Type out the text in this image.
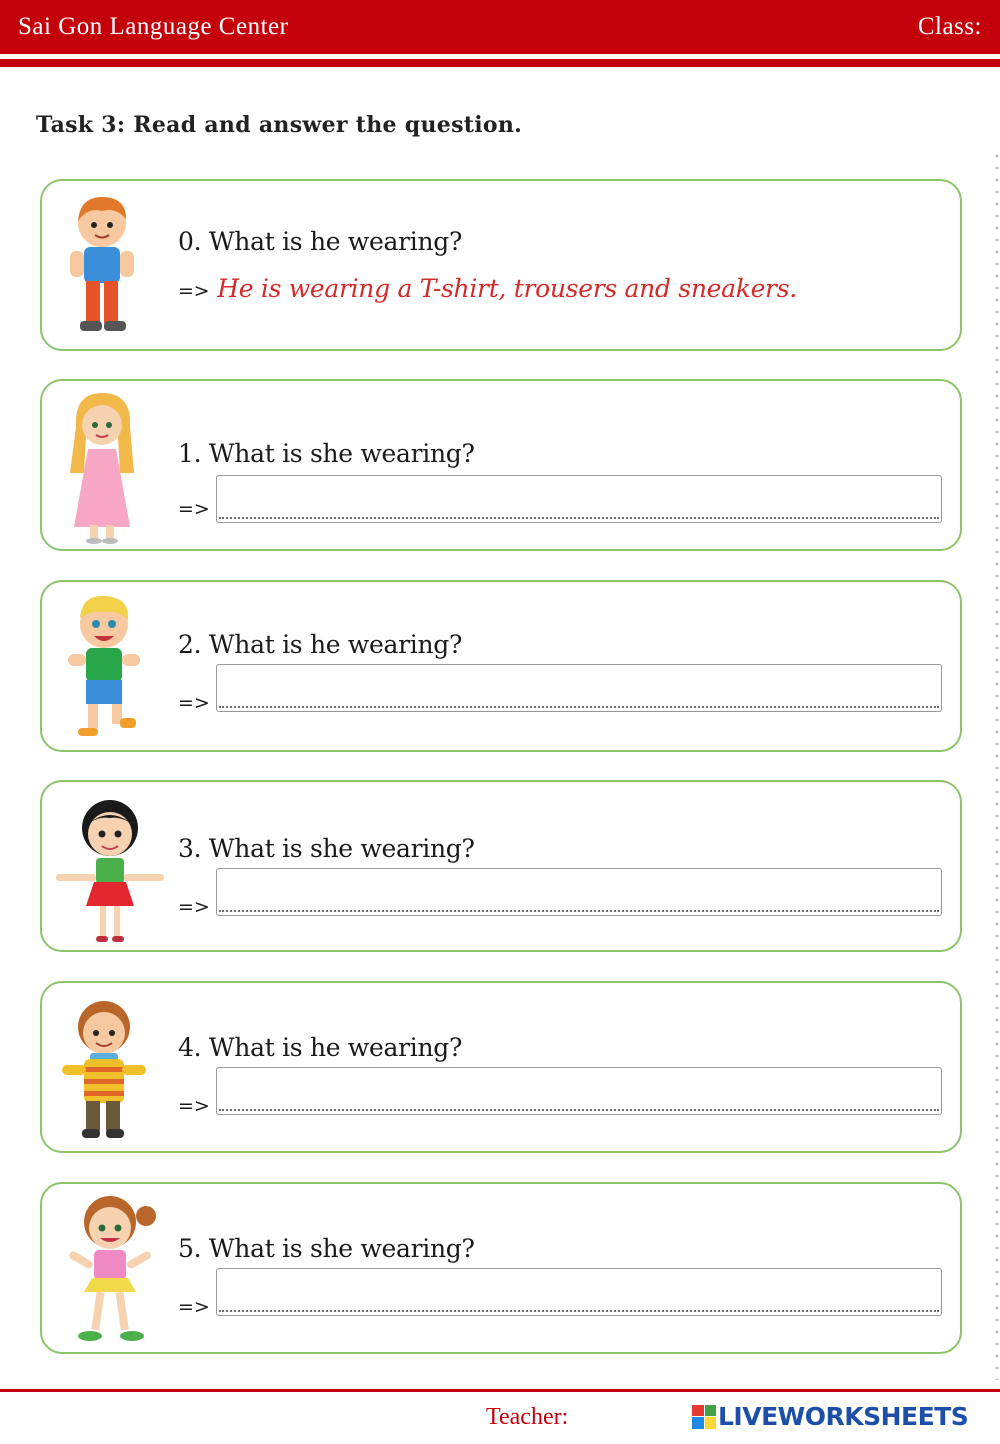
Sai Gon Language Center	Class:
Task 3: Read and answer the question.
0. What is he wearing?
=> He is wearing a T-shirt, trousers and sneakers.
1. What is she wearing?
=>
2. What is he wearing?
=>
3. What is she wearing?
=>
4. What is he wearing?
=>
5. What is she wearing?
=>
Teacher:	LIVEWORKSHEETS
